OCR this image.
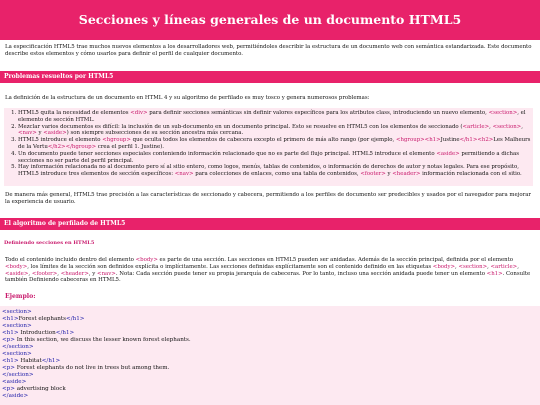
Secciones y líneas generales de un documento HTML5
La especificación HTML5 trae muchos nuevos elementos a los desarrolladores web, permitiéndoles describir la estructura de un documento web con semántica estandarizada. Este documento describe estos elementos y cómo usarlos para definir el perfil de cualquier documento.
Problemas resueltos por HTML5
La definición de la estructura de un documento en HTML 4 y su algoritmo de perfilado es muy tosco y genera numerosos problemas:
1. HTML5 quita la necesidad de elementos <div> para definir secciones semánticas sin definir valores específicos para los atributos class, introduciendo un nuevo elemento, <section>, el elemento de sección HTML.
2. Mezclar varios documentos es difícil: la inclusión de un sub-documento en un documento principal. Esto se resuelve en HTML5 con los elementos de seccionado (<article>, <section>, <nav> y <aside>) son siempre subsecciones de su sección ancestra más cercana.
3. HTML5 introduce el elemento <hgroup> que oculta todos los elementos de cabecera excepto el primero de más alto rango (por ejemplo, <hgroup><h1>Justine</h1><h2>Les Malheurs de la Vertu</h2></hgroup> crea el perfil 1. Justine).
4. Un documento puede tener secciones especiales conteniendo información relacionado que no es parte del flujo principal. HTML5 introduce el elemento <aside> permitiendo a dichas secciones no ser parte del perfil principal.
5. Hay información relacionada no al documento pero sí al sitio entero, como logos, menús, tablas de contenidos, o información de derechos de autor y notas legales. Para ese propósito, HTML5 introduce tres elementos de sección específicos: <nav> para colecciones de enlaces, como una tabla de contenidos, <footer> y <header> información relacionada con el sitio.
De manera más general, HTML5 trae precisión a las características de seccionado y cabecera, permitiendo a los perfiles de documento ser predecibles y usados por el navegador para mejorar la experiencia de usuario.
El algoritmo de perfilado de HTML5
Definiendo secciones en HTML5
Todo el contenido incluido dentro del elemento <body> es parte de una sección. Las secciones en HTML5 pueden ser anidadas. Además de la sección principal, definida por el elemento <body>, los límites de la sección son definidos explícita o implícitamente. Las secciones definidas explícitamente son el contenido definido en las etiquetas <body>, <section>, <article>, <aside>, <footer>, <header>, y <nav>. Nota: Cada sección puede tener su propia jerarquía de cabeceras. Por lo tanto, incluso una sección anidada puede tener un elemento <h1>. Consulte también Definiendo cabeceras en HTML5.
Ejemplo:
<section>
<h1>Forest elephants</h1>
<section>
<h1> Introduction</h1>
<p> In this section, we discuss the lesser known forest elephants.
</section>
<section>
<h1> Habitat</h1>
<p> Forest elephants do not live in trees but among them.
</section>
<aside>
<p> advertising block
</aside>
